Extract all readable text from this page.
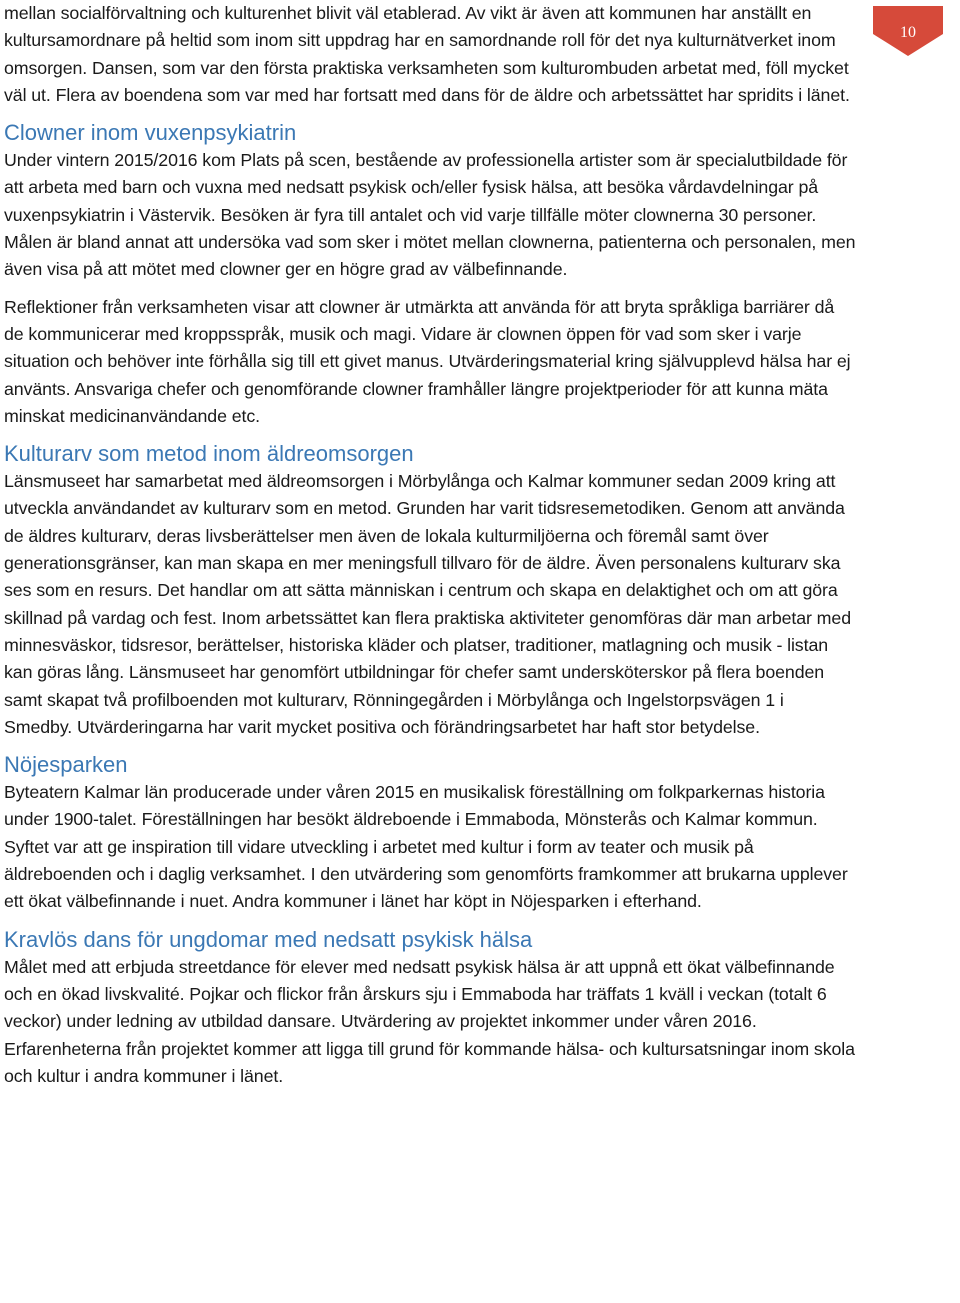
10

mellan socialförvaltning och kulturenhet blivit väl etablerad. Av vikt är även att kommunen har anställt en kultursamordnare på heltid som inom sitt uppdrag har en samordnande roll för det nya kulturnätverket inom omsorgen. Dansen, som var den första praktiska verksamheten som kulturombuden arbetat med, föll mycket väl ut. Flera av boendena som var med har fortsatt med dans för de äldre och arbetssättet har spridits i länet.

Clowner inom vuxenpsykiatrin

Under vintern 2015/2016 kom Plats på scen, bestående av professionella artister som är specialutbildade för att arbeta med barn och vuxna med nedsatt psykisk och/eller fysisk hälsa, att besöka vårdavdelningar på vuxenpsykiatrin i Västervik. Besöken är fyra till antalet och vid varje tillfälle möter clownerna 30 personer. Målen är bland annat att undersöka vad som sker i mötet mellan clownerna, patienterna och personalen, men även visa på att mötet med clowner ger en högre grad av välbefinnande.

Reflektioner från verksamheten visar att clowner är utmärkta att använda för att bryta språkliga barriärer då de kommunicerar med kroppsspråk, musik och magi. Vidare är clownen öppen för vad som sker i varje situation och behöver inte förhålla sig till ett givet manus. Utvärderingsmaterial kring självupplevd hälsa har ej använts. Ansvariga chefer och genomförande clowner framhåller längre projektperioder för att kunna mäta minskat medicinanvändande etc.

Kulturarv som metod inom äldreomsorgen

Länsmuseet har samarbetat med äldreomsorgen i Mörbylånga och Kalmar kommuner sedan 2009 kring att utveckla användandet av kulturarv som en metod. Grunden har varit tidsresemetodiken. Genom att använda de äldres kulturarv, deras livsberättelser men även de lokala kulturmiljöerna och föremål samt över generationsgränser, kan man skapa en mer meningsfull tillvaro för de äldre. Även personalens kulturarv ska ses som en resurs. Det handlar om att sätta människan i centrum och skapa en delaktighet och om att göra skillnad på vardag och fest. Inom arbetssättet kan flera praktiska aktiviteter genomföras där man arbetar med minnesväskor, tidsresor, berättelser, historiska kläder och platser, traditioner, matlagning och musik - listan kan göras lång. Länsmuseet har genomfört utbildningar för chefer samt undersköterskor på flera boenden samt skapat två profilboenden mot kulturarv, Rönningegården i Mörbylånga och Ingelstorpsvägen 1 i Smedby. Utvärderingarna har varit mycket positiva och förändringsarbetet har haft stor betydelse.

Nöjesparken

Byteatern Kalmar län producerade under våren 2015 en musikalisk föreställning om folkparkernas historia under 1900-talet. Föreställningen har besökt äldreboende i Emmaboda, Mönsterås och Kalmar kommun. Syftet var att ge inspiration till vidare utveckling i arbetet med kultur i form av teater och musik på äldreboenden och i daglig verksamhet. I den utvärdering som genomförts framkommer att brukarna upplever ett ökat välbefinnande i nuet. Andra kommuner i länet har köpt in Nöjesparken i efterhand.

Kravlös dans för ungdomar med nedsatt psykisk hälsa

Målet med att erbjuda streetdance för elever med nedsatt psykisk hälsa är att uppnå ett ökat välbefinnande och en ökad livskvalité. Pojkar och flickor från årskurs sju i Emmaboda har träffats 1 kväll i veckan (totalt 6 veckor) under ledning av utbildad dansare. Utvärdering av projektet inkommer under våren 2016. Erfarenheterna från projektet kommer att ligga till grund för kommande hälsa- och kultursatsningar inom skola och kultur i andra kommuner i länet.
